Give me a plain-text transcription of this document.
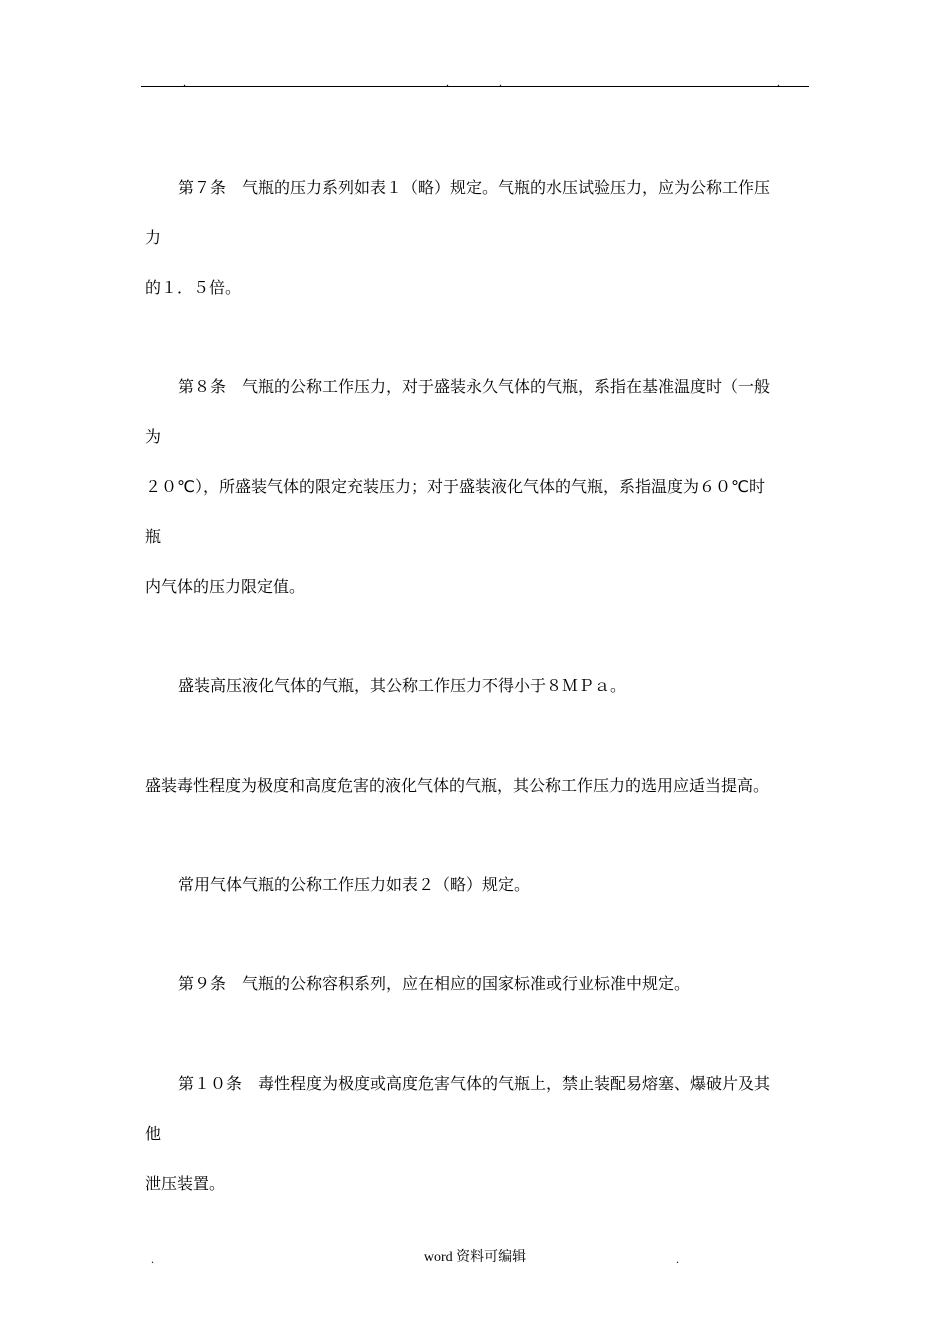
.	.	.	.
第７条　气瓶的压力系列如表１（略）规定。气瓶的水压试验压力，应为公称工作压
力
的１．５倍。
第８条　气瓶的公称工作压力，对于盛装永久气体的气瓶，系指在基准温度时（一般
为
２０℃），所盛装气体的限定充装压力；对于盛装液化气体的气瓶，系指温度为６０℃时
瓶
内气体的压力限定值。
盛装高压液化气体的气瓶，其公称工作压力不得小于８ＭＰａ。
盛装毒性程度为极度和高度危害的液化气体的气瓶，其公称工作压力的选用应适当提高。
常用气体气瓶的公称工作压力如表２（略）规定。
第９条　气瓶的公称容积系列，应在相应的国家标准或行业标准中规定。
第１０条　毒性程度为极度或高度危害气体的气瓶上，禁止装配易熔塞、爆破片及其
他
泄压装置。
.	word 资料可编辑	.
